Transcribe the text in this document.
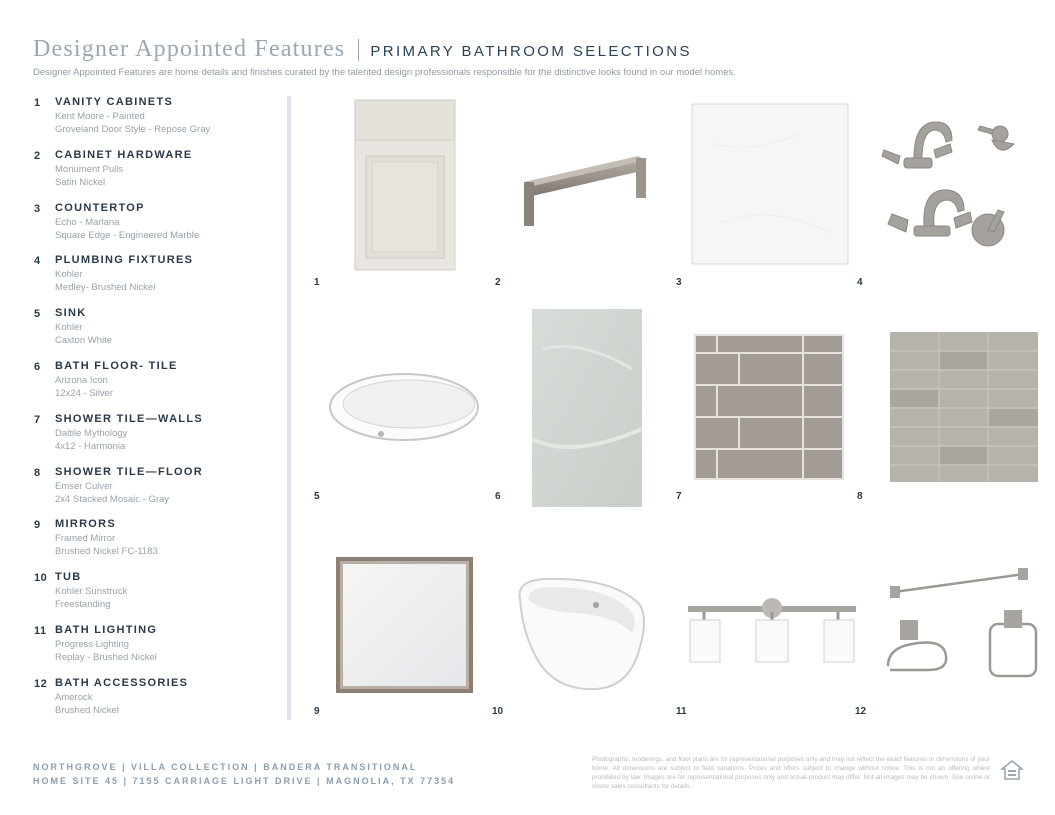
Designer Appointed Features PRIMARY BATHROOM SELECTIONS
Designer Appointed Features are home details and finishes curated by the talented design professionals responsible for the distinctive looks found in our model homes.
1	VANITY CABINETS
Kent Moore - Painted
Groveland Door Style - Repose Gray
2	CABINET HARDWARE
Monument Pulls
Satin Nickel
3	COUNTERTOP
Echo - Marlana
Square Edge - Engineered Marble
4	PLUMBING FIXTURES
Kohler
Medley- Brushed Nickel
5	SINK
Kohler
Caxton White
6	BATH FLOOR- TILE
Arizona Icon
12x24 - Silver
7	SHOWER TILE—WALLS
Daltile Mythology
4x12 - Harmonia
8	SHOWER TILE—FLOOR
Emser Culver
2x4 Stacked Mosaic - Gray
9	MIRRORS
Framed Mirror
Brushed Nickel FC-1183
10 TUB
Kohler Sunstruck
Freestanding
11 BATH LIGHTING
Progress Lighting
Replay - Brushed Nickel
12 BATH ACCESSORIES
Amerock
Brushed Nickel
1	2	3	4
5	6	7	8
9	10	11	12
NORTHGROVE | VILLA COLLECTION | BANDERA TRANSITIONAL
HOME SITE 45 | 7155 CARRIAGE LIGHT DRIVE | MAGNOLIA, TX 77354
Photographs, renderings, and floor plans are for representational purposes only and may not reflect the exact features or dimensions of your home. All dimensions are subject to field variations. Prices and offers subject to change without notice. This is not an offering where prohibited by law. Images are for representational purposes only and actual product may differ. Not all images may be shown. See online or onsite sales consultants for details.
